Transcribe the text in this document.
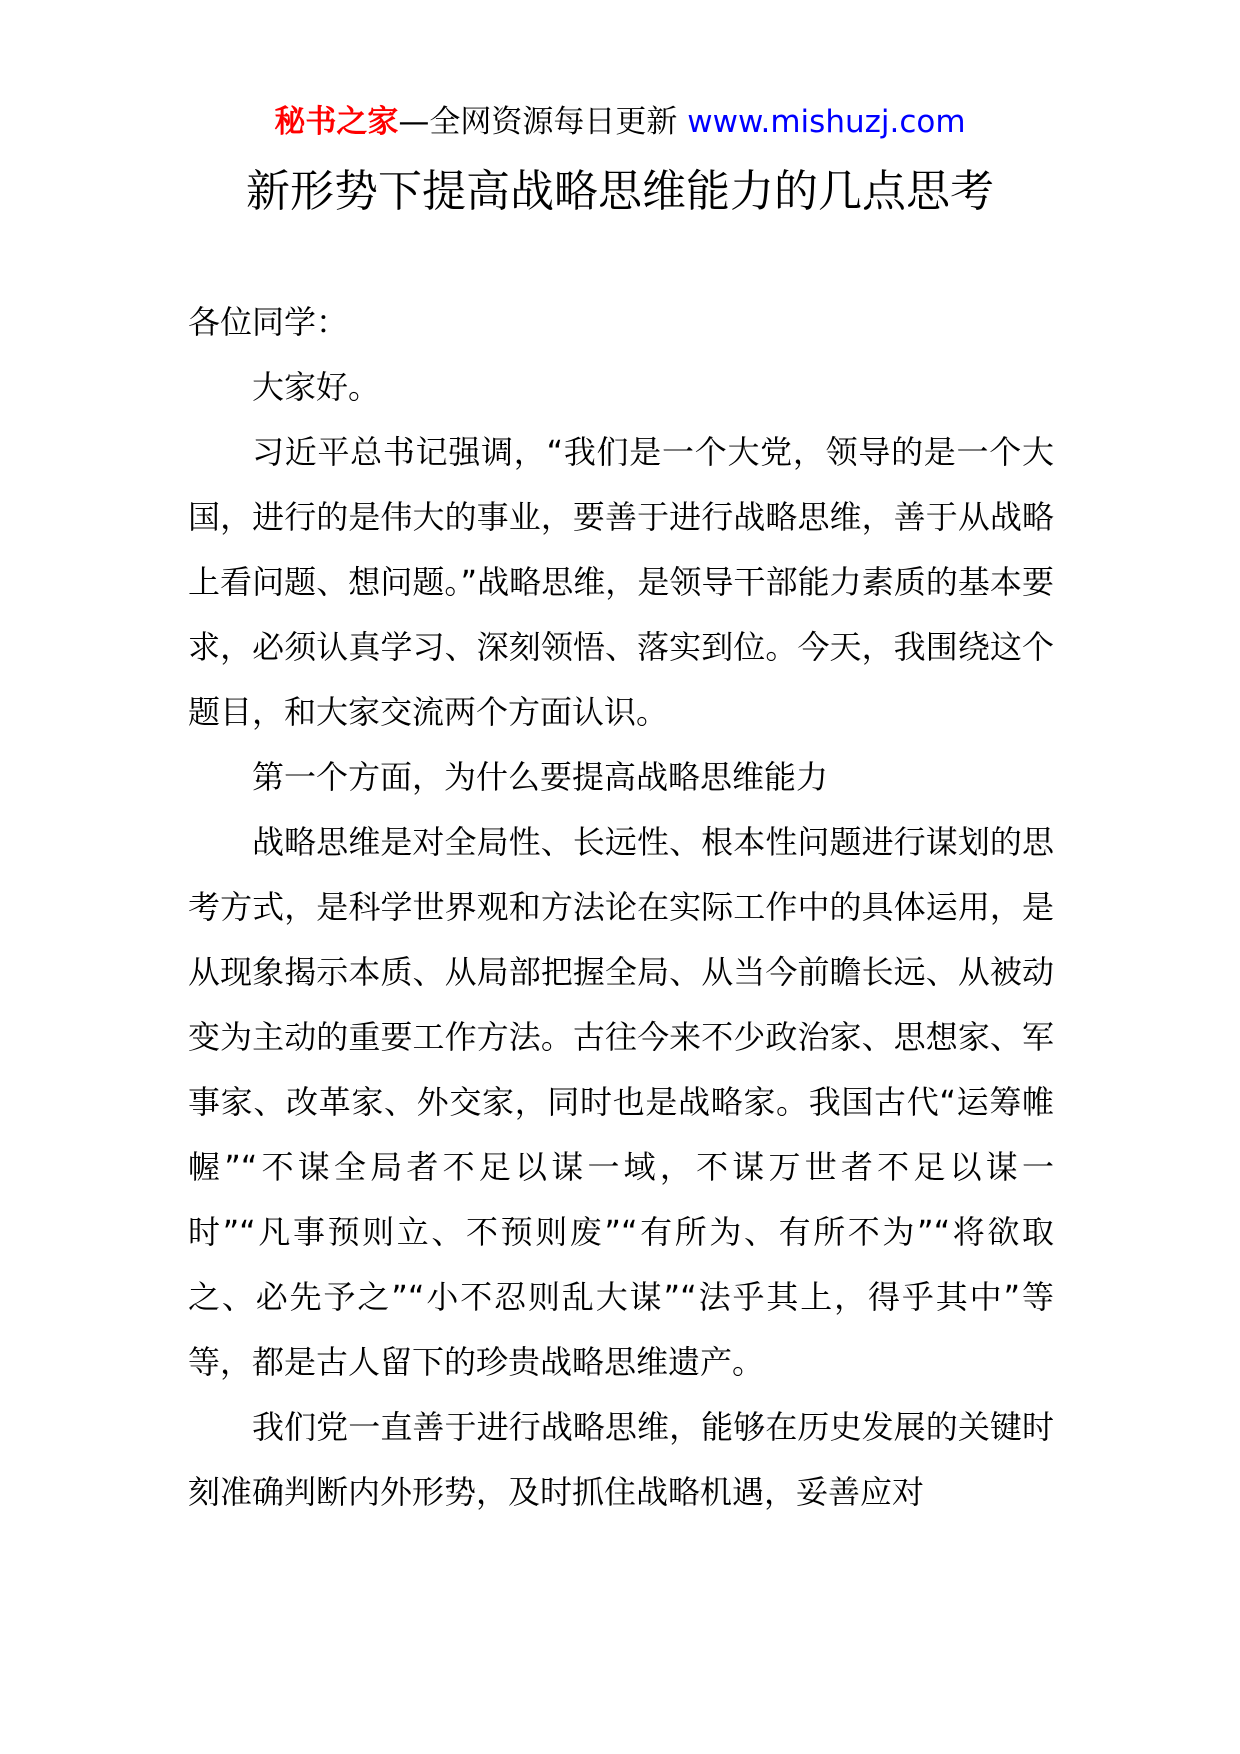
秘书之家—全网资源每日更新 www.mishuzj.com
新形势下提高战略思维能力的几点思考

各位同学：

大家好。

习近平总书记强调，“我们是一个大党，领导的是一个大国，进行的是伟大的事业，要善于进行战略思维，善于从战略上看问题、想问题。”战略思维，是领导干部能力素质的基本要求，必须认真学习、深刻领悟、落实到位。今天，我围绕这个题目，和大家交流两个方面认识。

第一个方面，为什么要提高战略思维能力

战略思维是对全局性、长远性、根本性问题进行谋划的思考方式，是科学世界观和方法论在实际工作中的具体运用，是从现象揭示本质、从局部把握全局、从当今前瞻长远、从被动变为主动的重要工作方法。古往今来不少政治家、思想家、军事家、改革家、外交家，同时也是战略家。我国古代“运筹帷幄”“不谋全局者不足以谋一域，不谋万世者不足以谋一时”“凡事预则立、不预则废”“有所为、有所不为”“将欲取之、必先予之”“小不忍则乱大谋”“法乎其上，得乎其中”等等，都是古人留下的珍贵战略思维遗产。

我们党一直善于进行战略思维，能够在历史发展的关键时刻准确判断内外形势，及时抓住战略机遇，妥善应对
